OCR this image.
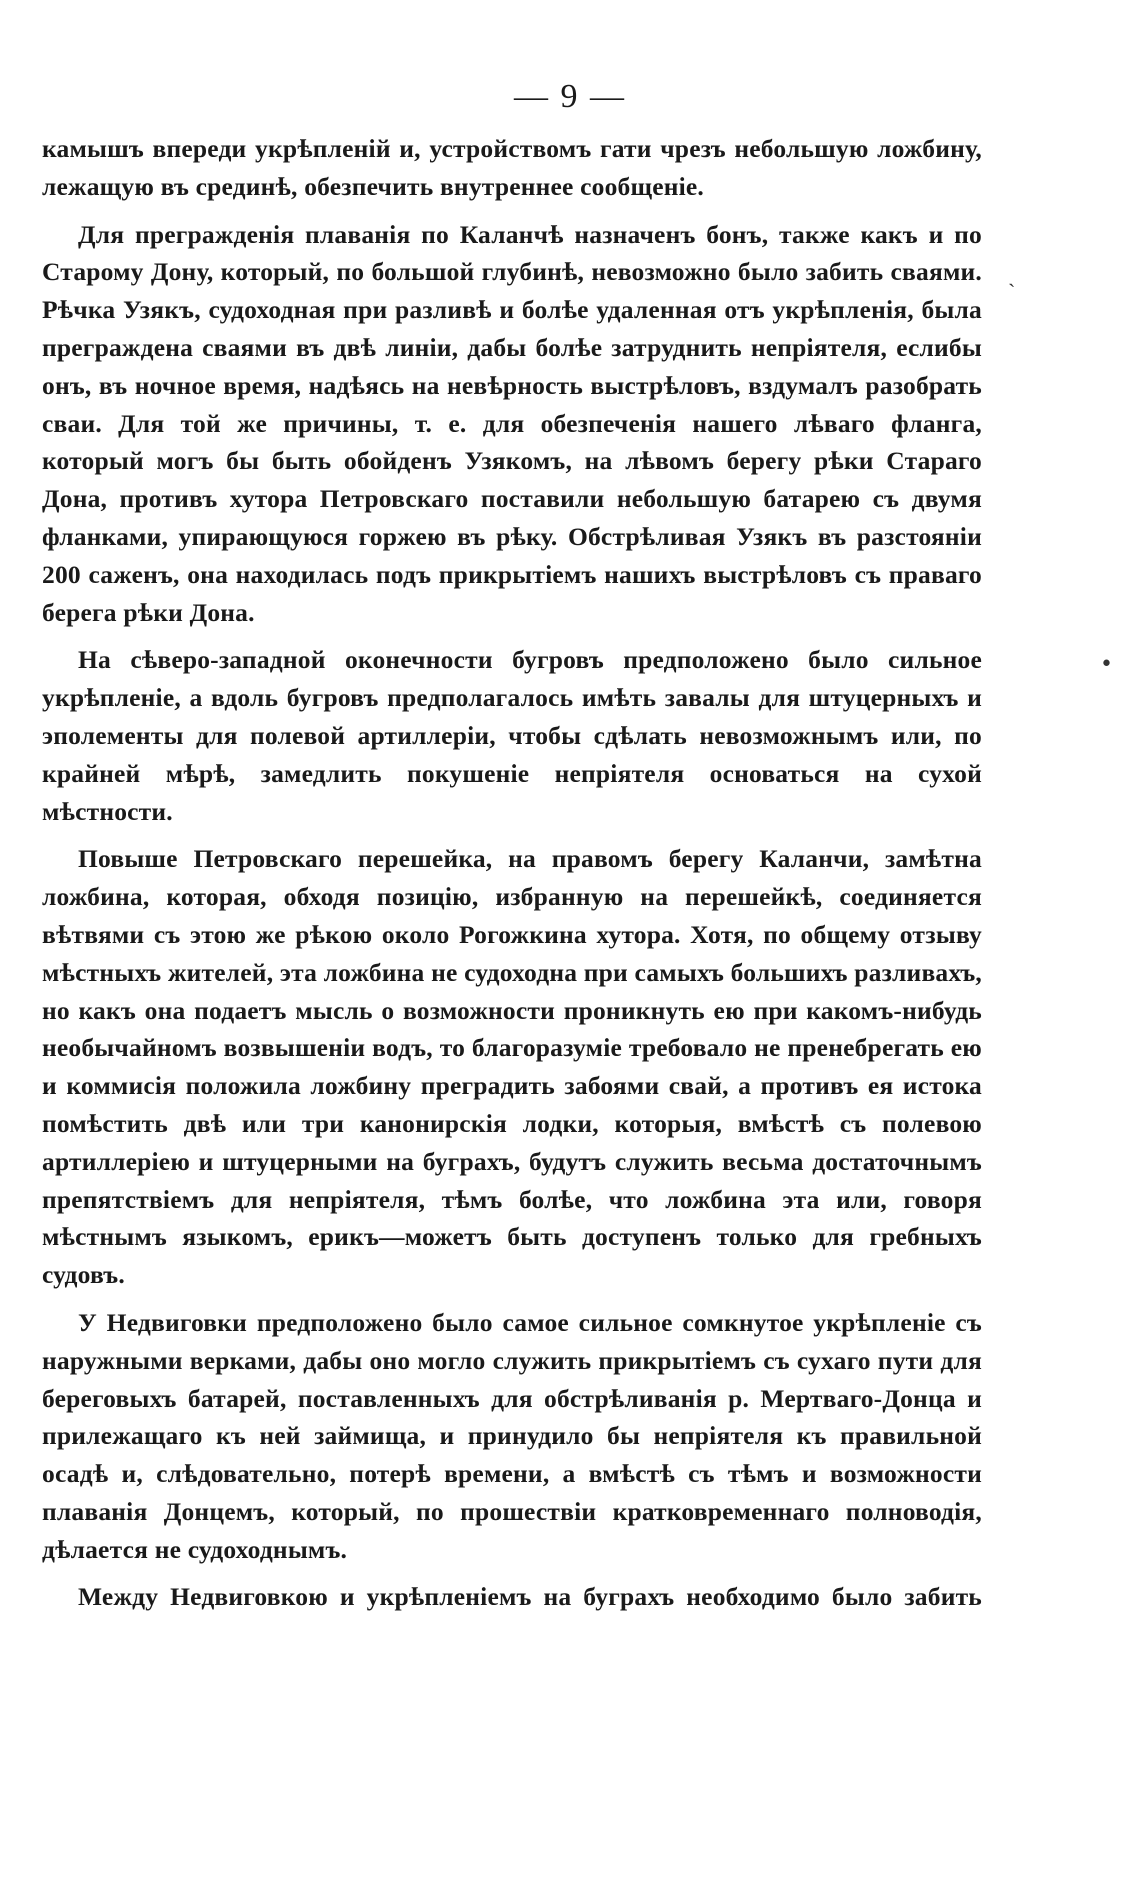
— 9 —

камышъ впереди укрѣпленій и, устройствомъ гати чрезъ небольшую ложбину, лежащую въ срединѣ, обезпечить внутреннее сообщеніе.

Для прегражденія плаванія по Каланчѣ назначенъ бонъ, также какъ и по Старому Дону, который, по большой глубинѣ, невозможно было забить сваями. Рѣчка Узякъ, судоходная при разливѣ и болѣе удаленная отъ укрѣпленія, была преграждена сваями въ двѣ линіи, дабы болѣе затруднить непріятеля, еслибы онъ, въ ночное время, надѣясь на невѣрность выстрѣловъ, вздумалъ разобрать сваи. Для той же причины, т. е. для обезпеченія нашего лѣваго фланга, который могъ бы быть обойденъ Узякомъ, на лѣвомъ берегу рѣки Стараго Дона, противъ хутора Петровскаго поставили небольшую батарею съ двумя фланками, упирающуюся горжею въ рѣку. Обстрѣливая Узякъ въ разстояніи 200 саженъ, она находилась подъ прикрытіемъ нашихъ выстрѣловъ съ праваго берега рѣки Дона.

На сѣверо-западной оконечности бугровъ предположено было сильное укрѣпленіе, а вдоль бугровъ предполагалось имѣть завалы для штуцерныхъ и эполементы для полевой артиллеріи, чтобы сдѣлать невозможнымъ или, по крайней мѣрѣ, замедлить покушеніе непріятеля основаться на сухой мѣстности.

Повыше Петровскаго перешейка, на правомъ берегу Каланчи, замѣтна ложбина, которая, обходя позицію, избранную на перешейкѣ, соединяется вѣтвями съ этою же рѣкою около Рогожкина хутора. Хотя, по общему отзыву мѣстныхъ жителей, эта ложбина не судоходна при самыхъ большихъ разливахъ, но какъ она подаетъ мысль о возможности проникнуть ею при какомъ-нибудь необычайномъ возвышеніи водъ, то благоразуміе требовало не пренебрегать ею и коммисія положила ложбину преградить забоями свай, а противъ ея истока помѣстить двѣ или три канонирскія лодки, которыя, вмѣстѣ съ полевою артиллеріею и штуцерными на буграхъ, будутъ служить весьма достаточнымъ препятствіемъ для непріятеля, тѣмъ болѣе, что ложбина эта или, говоря мѣстнымъ языкомъ, ерикъ—можетъ быть доступенъ только для гребныхъ судовъ.

У Недвиговки предположено было самое сильное сомкнутое укрѣпленіе съ наружными верками, дабы оно могло служить прикрытіемъ съ сухаго пути для береговыхъ батарей, поставленныхъ для обстрѣливанія р. Мертваго-Донца и прилежащаго къ ней займища, и принудило бы непріятеля къ правильной осадѣ и, слѣдовательно, потерѣ времени, а вмѣстѣ съ тѣмъ и возможности плаванія Донцемъ, который, по прошествіи кратковременнаго полноводія, дѣлается не судоходнымъ.

Между Недвиговкою и укрѣпленіемъ на буграхъ необходимо было забить

ˏ
•
